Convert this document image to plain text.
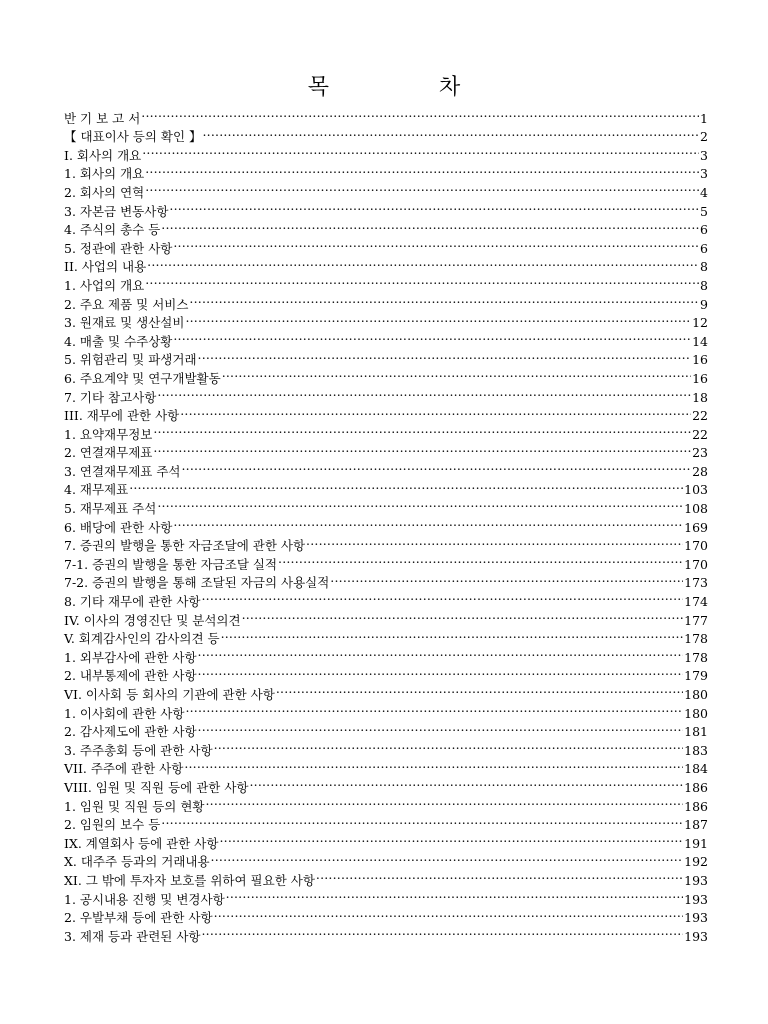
목	차
반 기 보 고 서 .....	1
【 대표이사 등의 확인 】 .....	2
I. 회사의 개요 .....	3
1. 회사의 개요 .....	3
2. 회사의 연혁 .....	4
3. 자본금 변동사항 .....	5
4. 주식의 총수 등 .....	6
5. 정관에 관한 사항 .....	6
II. 사업의 내용 .....	8
1. 사업의 개요 .....	8
2. 주요 제품 및 서비스 .....	9
3. 원재료 및 생산설비 .....	12
4. 매출 및 수주상황 .....	14
5. 위험관리 및 파생거래 .....	16
6. 주요계약 및 연구개발활동 .....	16
7. 기타 참고사항 .....	18
III. 재무에 관한 사항 .....	22
1. 요약재무정보 .....	22
2. 연결재무제표 .....	23
3. 연결재무제표 주석 .....	28
4. 재무제표 .....	103
5. 재무제표 주석 .....	108
6. 배당에 관한 사항 .....	169
7. 증권의 발행을 통한 자금조달에 관한 사항 .....	170
7-1. 증권의 발행을 통한 자금조달 실적 .....	170
7-2. 증권의 발행을 통해 조달된 자금의 사용실적 .....	173
8. 기타 재무에 관한 사항 .....	174
IV. 이사의 경영진단 및 분석의견 .....	177
V. 회계감사인의 감사의견 등 .....	178
1. 외부감사에 관한 사항 .....	178
2. 내부통제에 관한 사항 .....	179
VI. 이사회 등 회사의 기관에 관한 사항 .....	180
1. 이사회에 관한 사항 .....	180
2. 감사제도에 관한 사항 .....	181
3. 주주총회 등에 관한 사항 .....	183
VII. 주주에 관한 사항 .....	184
VIII. 임원 및 직원 등에 관한 사항 .....	186
1. 임원 및 직원 등의 현황 .....	186
2. 임원의 보수 등 .....	187
IX. 계열회사 등에 관한 사항 .....	191
X. 대주주 등과의 거래내용 .....	192
XI. 그 밖에 투자자 보호를 위하여 필요한 사항 .....	193
1. 공시내용 진행 및 변경사항 .....	193
2. 우발부채 등에 관한 사항 .....	193
3. 제재 등과 관련된 사항 .....	193
